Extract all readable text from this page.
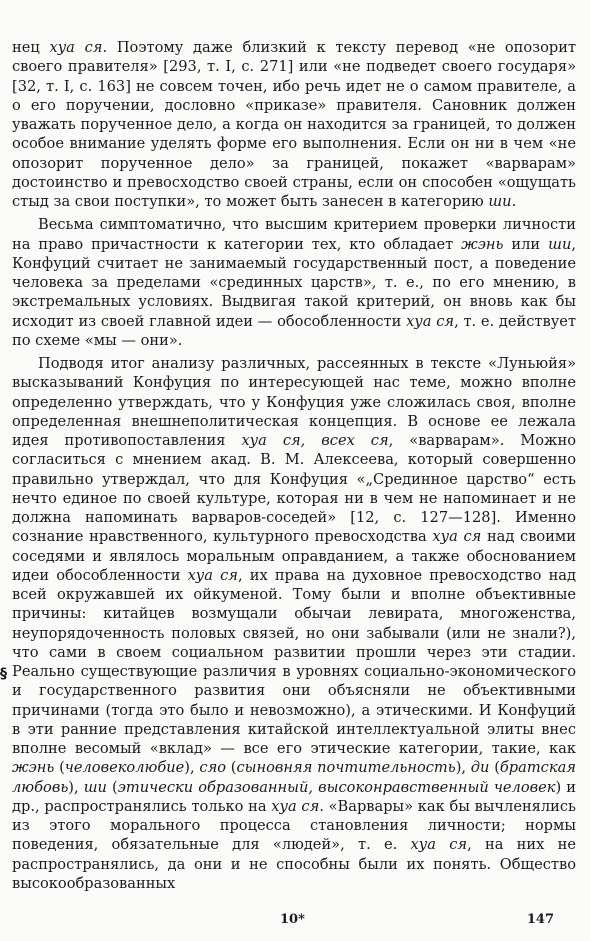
нец хуа ся. Поэтому даже близкий к тексту перевод «не опозорит своего правителя» [293, т. I, с. 271] или «не подведет своего государя» [32, т. I, с. 163] не совсем точен, ибо речь идет не о самом правителе, а о его поручении, дословно «приказе» правителя. Сановник должен уважать порученное дело, а когда он находится за границей, то должен особое внимание уделять форме его выполнения. Если он ни в чем «не опозорит порученное дело» за границей, покажет «варварам» достоинство и превосходство своей страны, если он способен «ощущать стыд за свои поступки», то может быть занесен в категорию ши.

Весьма симптоматично, что высшим критерием проверки личности на право причастности к категории тех, кто обладает жэнь или ши, Конфуций считает не занимаемый государственный пост, а поведение человека за пределами «срединных царств», т. е., по его мнению, в экстремальных условиях. Выдвигая такой критерий, он вновь как бы исходит из своей главной идеи — обособленности хуа ся, т. е. действует по схеме «мы — они».

Подводя итог анализу различных, рассеянных в тексте «Луньюйя» высказываний Конфуция по интересующей нас теме, можно вполне определенно утверждать, что у Конфуция уже сложилась своя, вполне определенная внешнеполитическая концепция. В основе ее лежала идея противопоставления хуа ся, всех ся, «варварам». Можно согласиться с мнением акад. В. М. Алексеева, который совершенно правильно утверждал, что для Конфуция «„Срединное царство“ есть нечто единое по своей культуре, которая ни в чем не напоминает и не должна напоминать варваров-соседей» [12, с. 127—128]. Именно сознание нравственного, культурного превосходства хуа ся над своими соседями и являлось моральным оправданием, а также обоснованием идеи обособленности хуа ся, их права на духовное превосходство над всей окружавшей их ойкуменой. Тому были и вполне объективные причины: китайцев возмущали обычаи левирата, многоженства, неупорядоченность половых связей, но они забывали (или не знали?), что сами в своем социальном развитии прошли через эти стадии. Реально существующие различия в уровнях социально-экономического и государственного развития они объясняли не объективными причинами (тогда это было и невозможно), а этическими. И Конфуций в эти ранние представления китайской интеллектуальной элиты внес вполне весомый «вклад» — все его этические категории, такие, как жэнь (человеколюбие), сяо (сыновняя почтительность), ди (братская любовь), ши (этически образованный, высоконравственный человек) и др., распространялись только на хуа ся. «Варвары» как бы вычленялись из этого морального процесса становления личности; нормы поведения, обязательные для «людей», т. е. хуа ся, на них не распространялись, да они и не способны были их понять. Общество высокообразованных

§
10*	147
